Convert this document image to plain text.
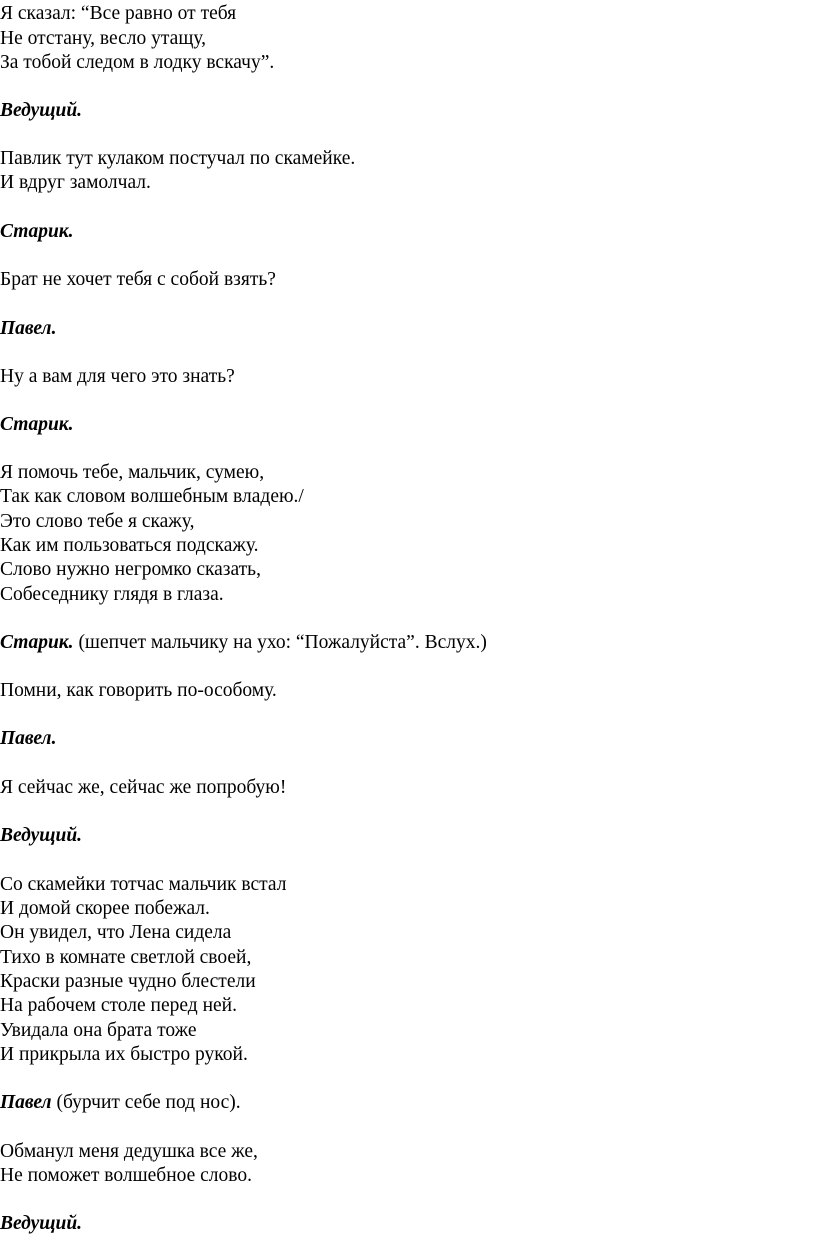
Я сказал: “Все равно от тебя
Не отстану, весло утащу,
За тобой следом в лодку вскачу”.
Ведущий.
Павлик тут кулаком постучал по скамейке.
И вдруг замолчал.
Старик.
Брат не хочет тебя с собой взять?
Павел.
Ну а вам для чего это знать?
Старик.
Я помочь тебе, мальчик, сумею,
Так как словом волшебным владею./
Это слово тебе я скажу,
Как им пользоваться подскажу.
Слово нужно негромко сказать,
Собеседнику глядя в глаза.
Старик. (шепчет мальчику на ухо: “Пожалуйста”. Вслух.)
Помни, как говорить по-особому.
Павел.
Я сейчас же, сейчас же попробую!
Ведущий.
Со скамейки тотчас мальчик встал
И домой скорее побежал.
Он увидел, что Лена сидела
Тихо в комнате светлой своей,
Краски разные чудно блестели
На рабочем столе перед ней.
Увидала она брата тоже
И прикрыла их быстро рукой.
Павел (бурчит себе под нос).
Обманул меня дедушка все же,
Не поможет волшебное слово.
Ведущий.
